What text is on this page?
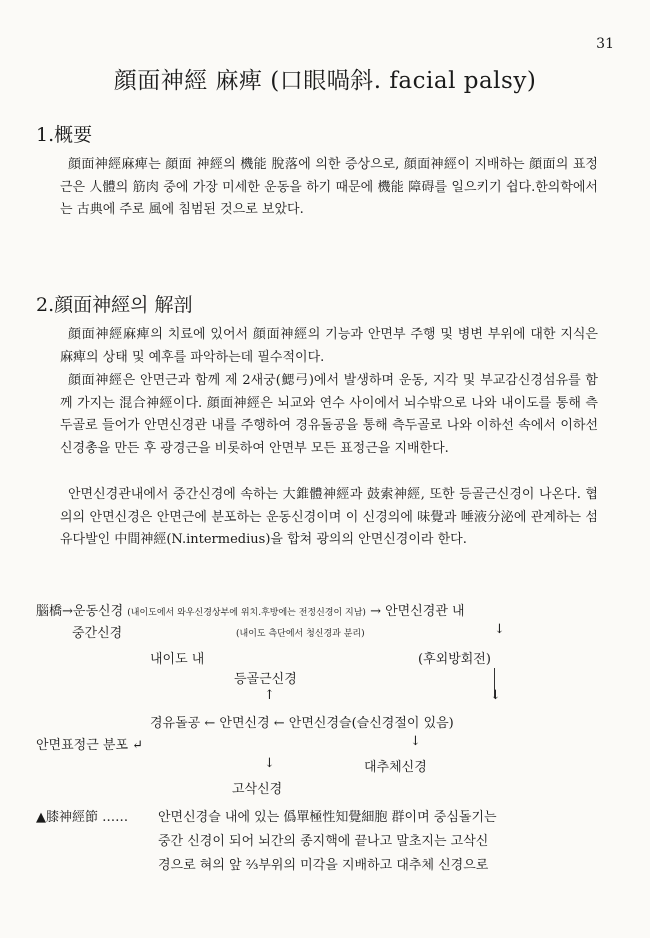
31
顔面神經 麻痺 (口眼喎斜. facial palsy)
1.概要
顔面神經麻痺는 顔面 神經의 機能 脫落에 의한 증상으로, 顔面神經이 지배하는 顔面의 표정근은 人體의 筋肉 중에 가장 미세한 운동을 하기 때문에 機能 障碍를 일으키기 쉽다.한의학에서는 古典에 주로 風에 침범된 것으로 보았다.
2.顔面神經의 解剖
顔面神經麻痺의 치료에 있어서 顔面神經의 기능과 안면부 주행 및 병변 부위에 대한 지식은 麻痺의 상태 및 예후를 파악하는데 필수적이다.
顔面神經은 안면근과 함께 제 2새궁(鰓弓)에서 발생하며 운동, 지각 및 부교감신경섬유를 함께 가지는 混合神經이다. 顔面神經은 뇌교와 연수 사이에서 뇌수밖으로 나와 내이도를 통해 측두골로 들어가 안면신경관 내를 주행하여 경유돌공을 통해 측두골로 나와 이하선 속에서 이하선 신경총을 만든 후 광경근을 비롯하여 안면부 모든 표정근을 지배한다.
안면신경관내에서 중간신경에 속하는 大錐體神經과 鼓索神經, 또한 등골근신경이 나온다. 협의의 안면신경은 안면근에 분포하는 운동신경이며 이 신경의에 味覺과 唾液分泌에 관계하는 섬유다발인 中間神經(N.intermedius)을 합쳐 광의의 안면신경이라 한다.
腦橋→운동신경 (내이도에서 와우신경상부에 위치.후방에는 전정신경이 지남) → 안면신경관 내
중간신경	(내이도 측단에서 청신경과 분리)	↓
내이도 내	(후외방회전)
등골근신경
↑	↓
경유돌공 ← 안면신경 ← 안면신경슬(슬신경절이 있음)
안면표정근 분포 ↵	↓
↓	대추체신경
고삭신경
▲膝神經節 …… 안면신경슬 내에 있는 僞單極性知覺細胞 群이며 중심돌기는
중간 신경이 되어 뇌간의 종지핵에 끝나고 말초지는 고삭신
경으로 혀의 앞 ⅔부위의 미각을 지배하고 대추체 신경으로
